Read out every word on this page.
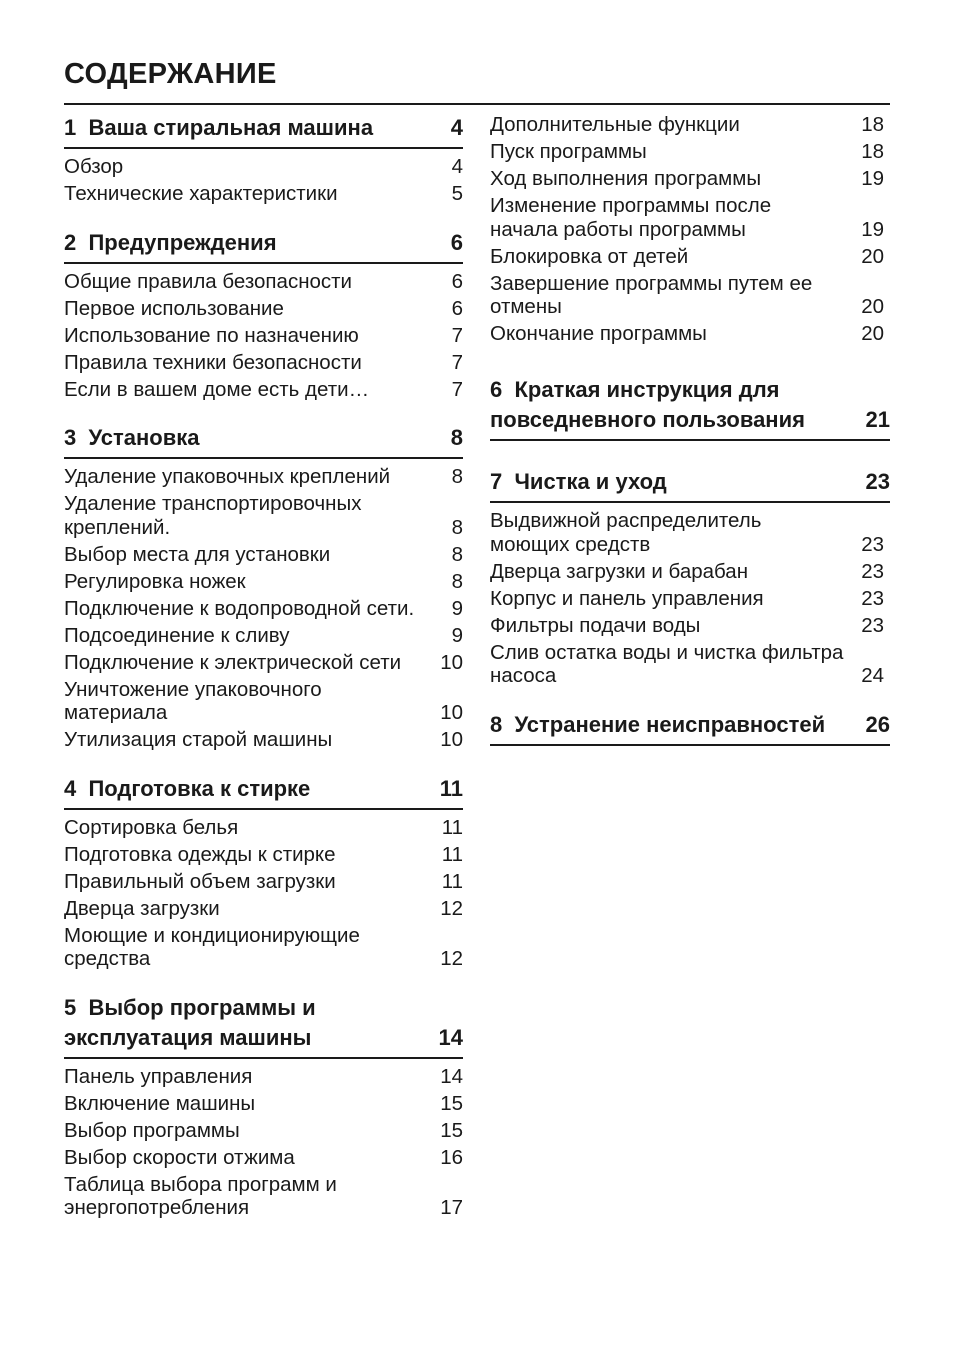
СОДЕРЖАНИЕ
1  Ваша стиральная машина	4
Обзор	4
Технические характеристики	5
2  Предупреждения	6
Общие правила безопасности	6
Первое использование	6
Использование по назначению	7
Правила техники безопасности	7
Если в вашем доме есть дети…	7
3  Установка	8
Удаление упаковочных креплений	8
Удаление транспортировочных креплений.	8
Выбор места для установки	8
Регулировка ножек	8
Подключение к водопроводной сети.	9
Подсоединение к сливу	9
Подключение к электрической сети	10
Уничтожение упаковочного материала	10
Утилизация старой машины	10
4  Подготовка к стирке	11
Сортировка белья	11
Подготовка одежды к стирке	11
Правильный объем загрузки	11
Дверца загрузки	12
Моющие и кондиционирующие средства	12
5  Выбор программы и эксплуатация машины	14
Панель управления	14
Включение машины	15
Выбор программы	15
Выбор скорости отжима	16
Таблица выбора программ и энергопотребления	17
Дополнительные функции	18
Пуск программы	18
Ход выполнения программы	19
Изменение программы после начала работы программы	19
Блокировка от детей	20
Завершение программы путем ее отмены	20
Окончание программы	20
6  Краткая инструкция для повседневного пользования	21
7  Чистка и уход	23
Выдвижной распределитель моющих средств	23
Дверца загрузки и барабан	23
Корпус и панель управления	23
Фильтры подачи воды	23
Слив остатка воды и чистка фильтра насоса	24
8  Устранение неисправностей	26
